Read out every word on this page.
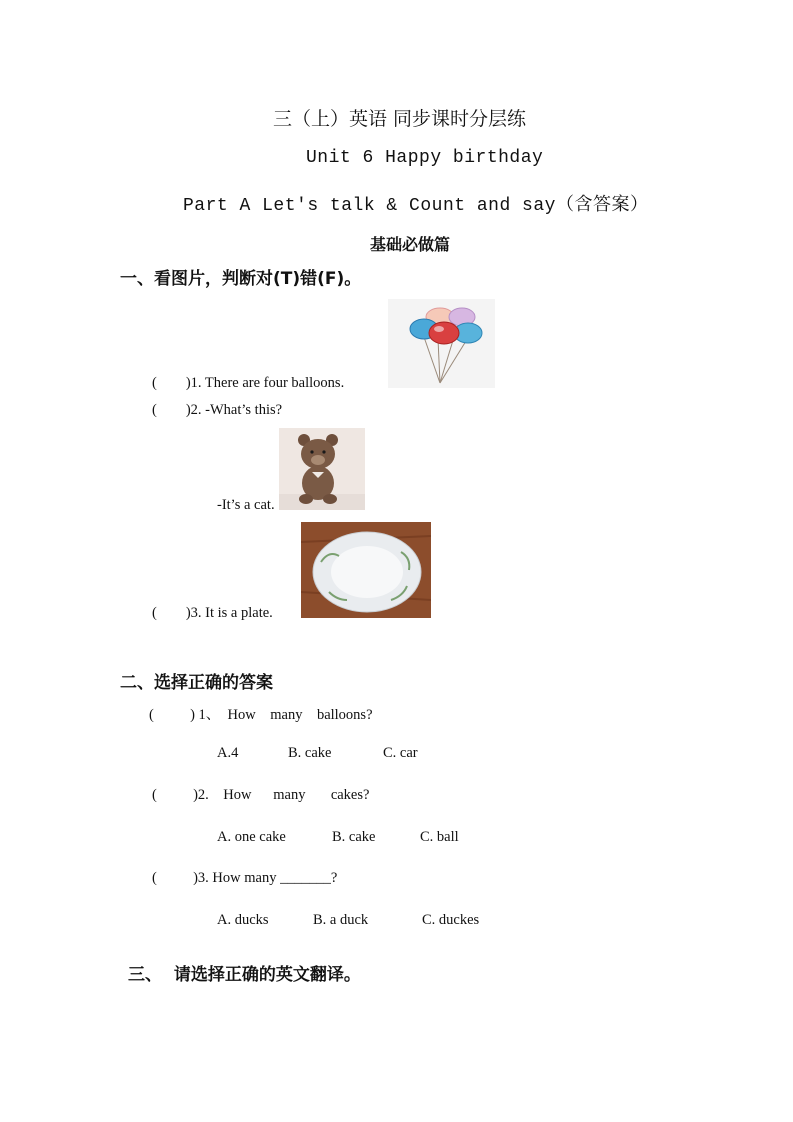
三（上）英语 同步课时分层练
Unit 6 Happy birthday
Part A Let's talk & Count and say（含答案）
基础必做篇
一、看图片，判断对(T)错(F)。
(        )1. There are four balloons.
(        )2. -What’s this?
-It’s a cat.
(        )3. It is a plate.
二、选择正确的答案
(          ) 1、  How    many    balloons?
A.4	B. cake	C. car
(          )2.    How      many       cakes?
A. one cake	B. cake	C. ball
(          )3. How many _______?
A. ducks	B. a duck	C. duckes
三、  请选择正确的英文翻译。
